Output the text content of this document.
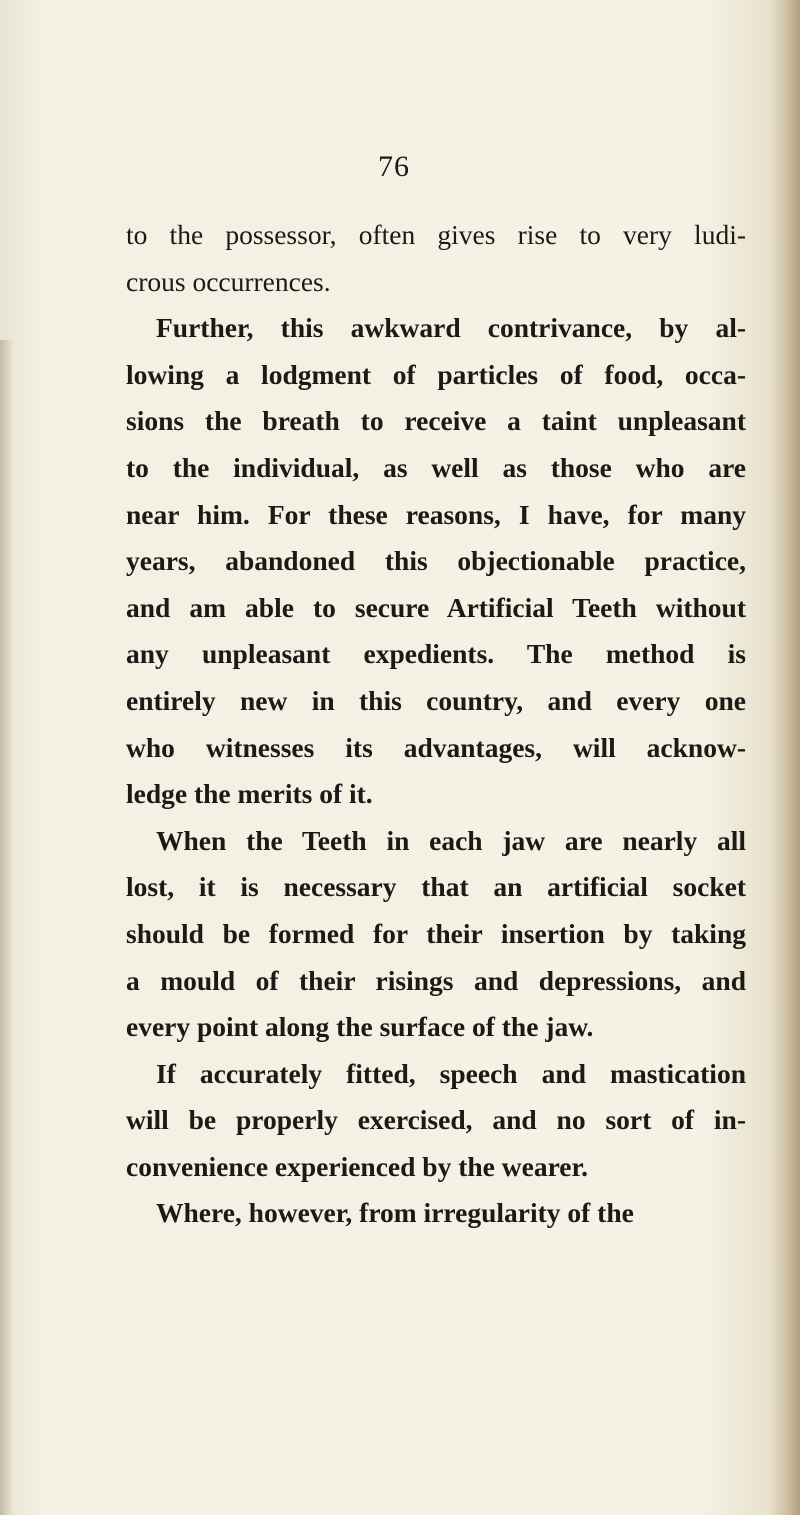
76
to the possessor, often gives rise to very ludi-
crous occurrences.
Further, this awkward contrivance, by al-
lowing a lodgment of particles of food, occa-
sions the breath to receive a taint unpleasant
to the individual, as well as those who are
near him. For these reasons, I have, for many
years, abandoned this objectionable practice,
and am able to secure Artificial Teeth without
any unpleasant expedients. The method is
entirely new in this country, and every one
who witnesses its advantages, will acknow-
ledge the merits of it.
When the Teeth in each jaw are nearly all
lost, it is necessary that an artificial socket
should be formed for their insertion by taking
a mould of their risings and depressions, and
every point along the surface of the jaw.
If accurately fitted, speech and mastication
will be properly exercised, and no sort of in-
convenience experienced by the wearer.
Where, however, from irregularity of the
